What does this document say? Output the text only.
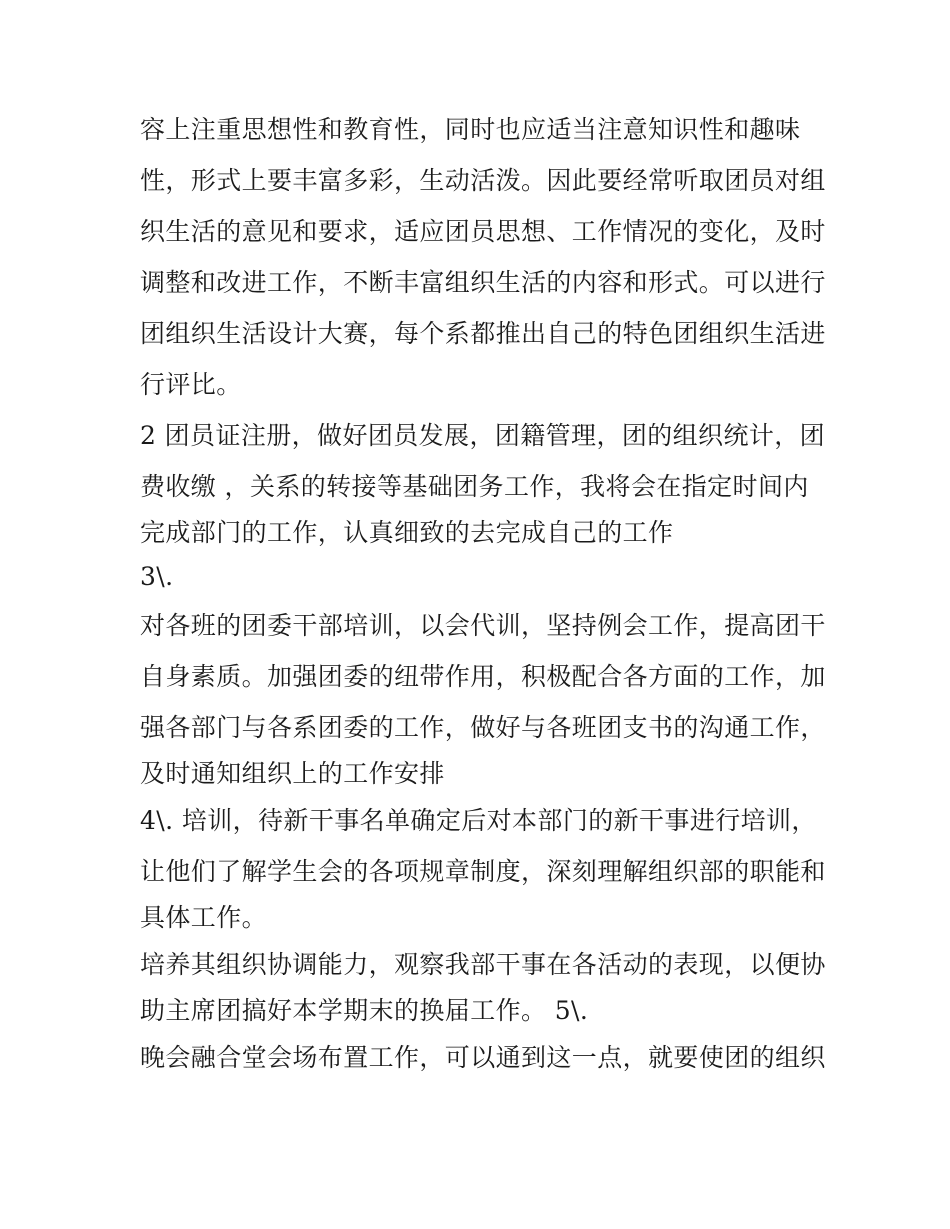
容上注重思想性和教育性，同时也应适当注意知识性和趣味
性，形式上要丰富多彩，生动活泼。因此要经常听取团员对组
织生活的意见和要求，适应团员思想、工作情况的变化，及时
调整和改进工作，不断丰富组织生活的内容和形式。可以进行
团组织生活设计大赛，每个系都推出自己的特色团组织生活进
行评比。
2 团员证注册，做好团员发展，团籍管理，团的组织统计，团
费收缴 ，关系的转接等基础团务工作，我将会在指定时间内
完成部门的工作，认真细致的去完成自己的工作
3\.
对各班的团委干部培训，以会代训，坚持例会工作，提高团干
自身素质。加强团委的纽带作用，积极配合各方面的工作，加
强各部门与各系团委的工作，做好与各班团支书的沟通工作，
及时通知组织上的工作安排
4\. 培训，待新干事名单确定后对本部门的新干事进行培训，
让他们了解学生会的各项规章制度，深刻理解组织部的职能和
具体工作。
培养其组织协调能力，观察我部干事在各活动的表现，以便协
助主席团搞好本学期末的换届工作。 5\.
晚会融合堂会场布置工作，可以通到这一点，就要使团的组织
